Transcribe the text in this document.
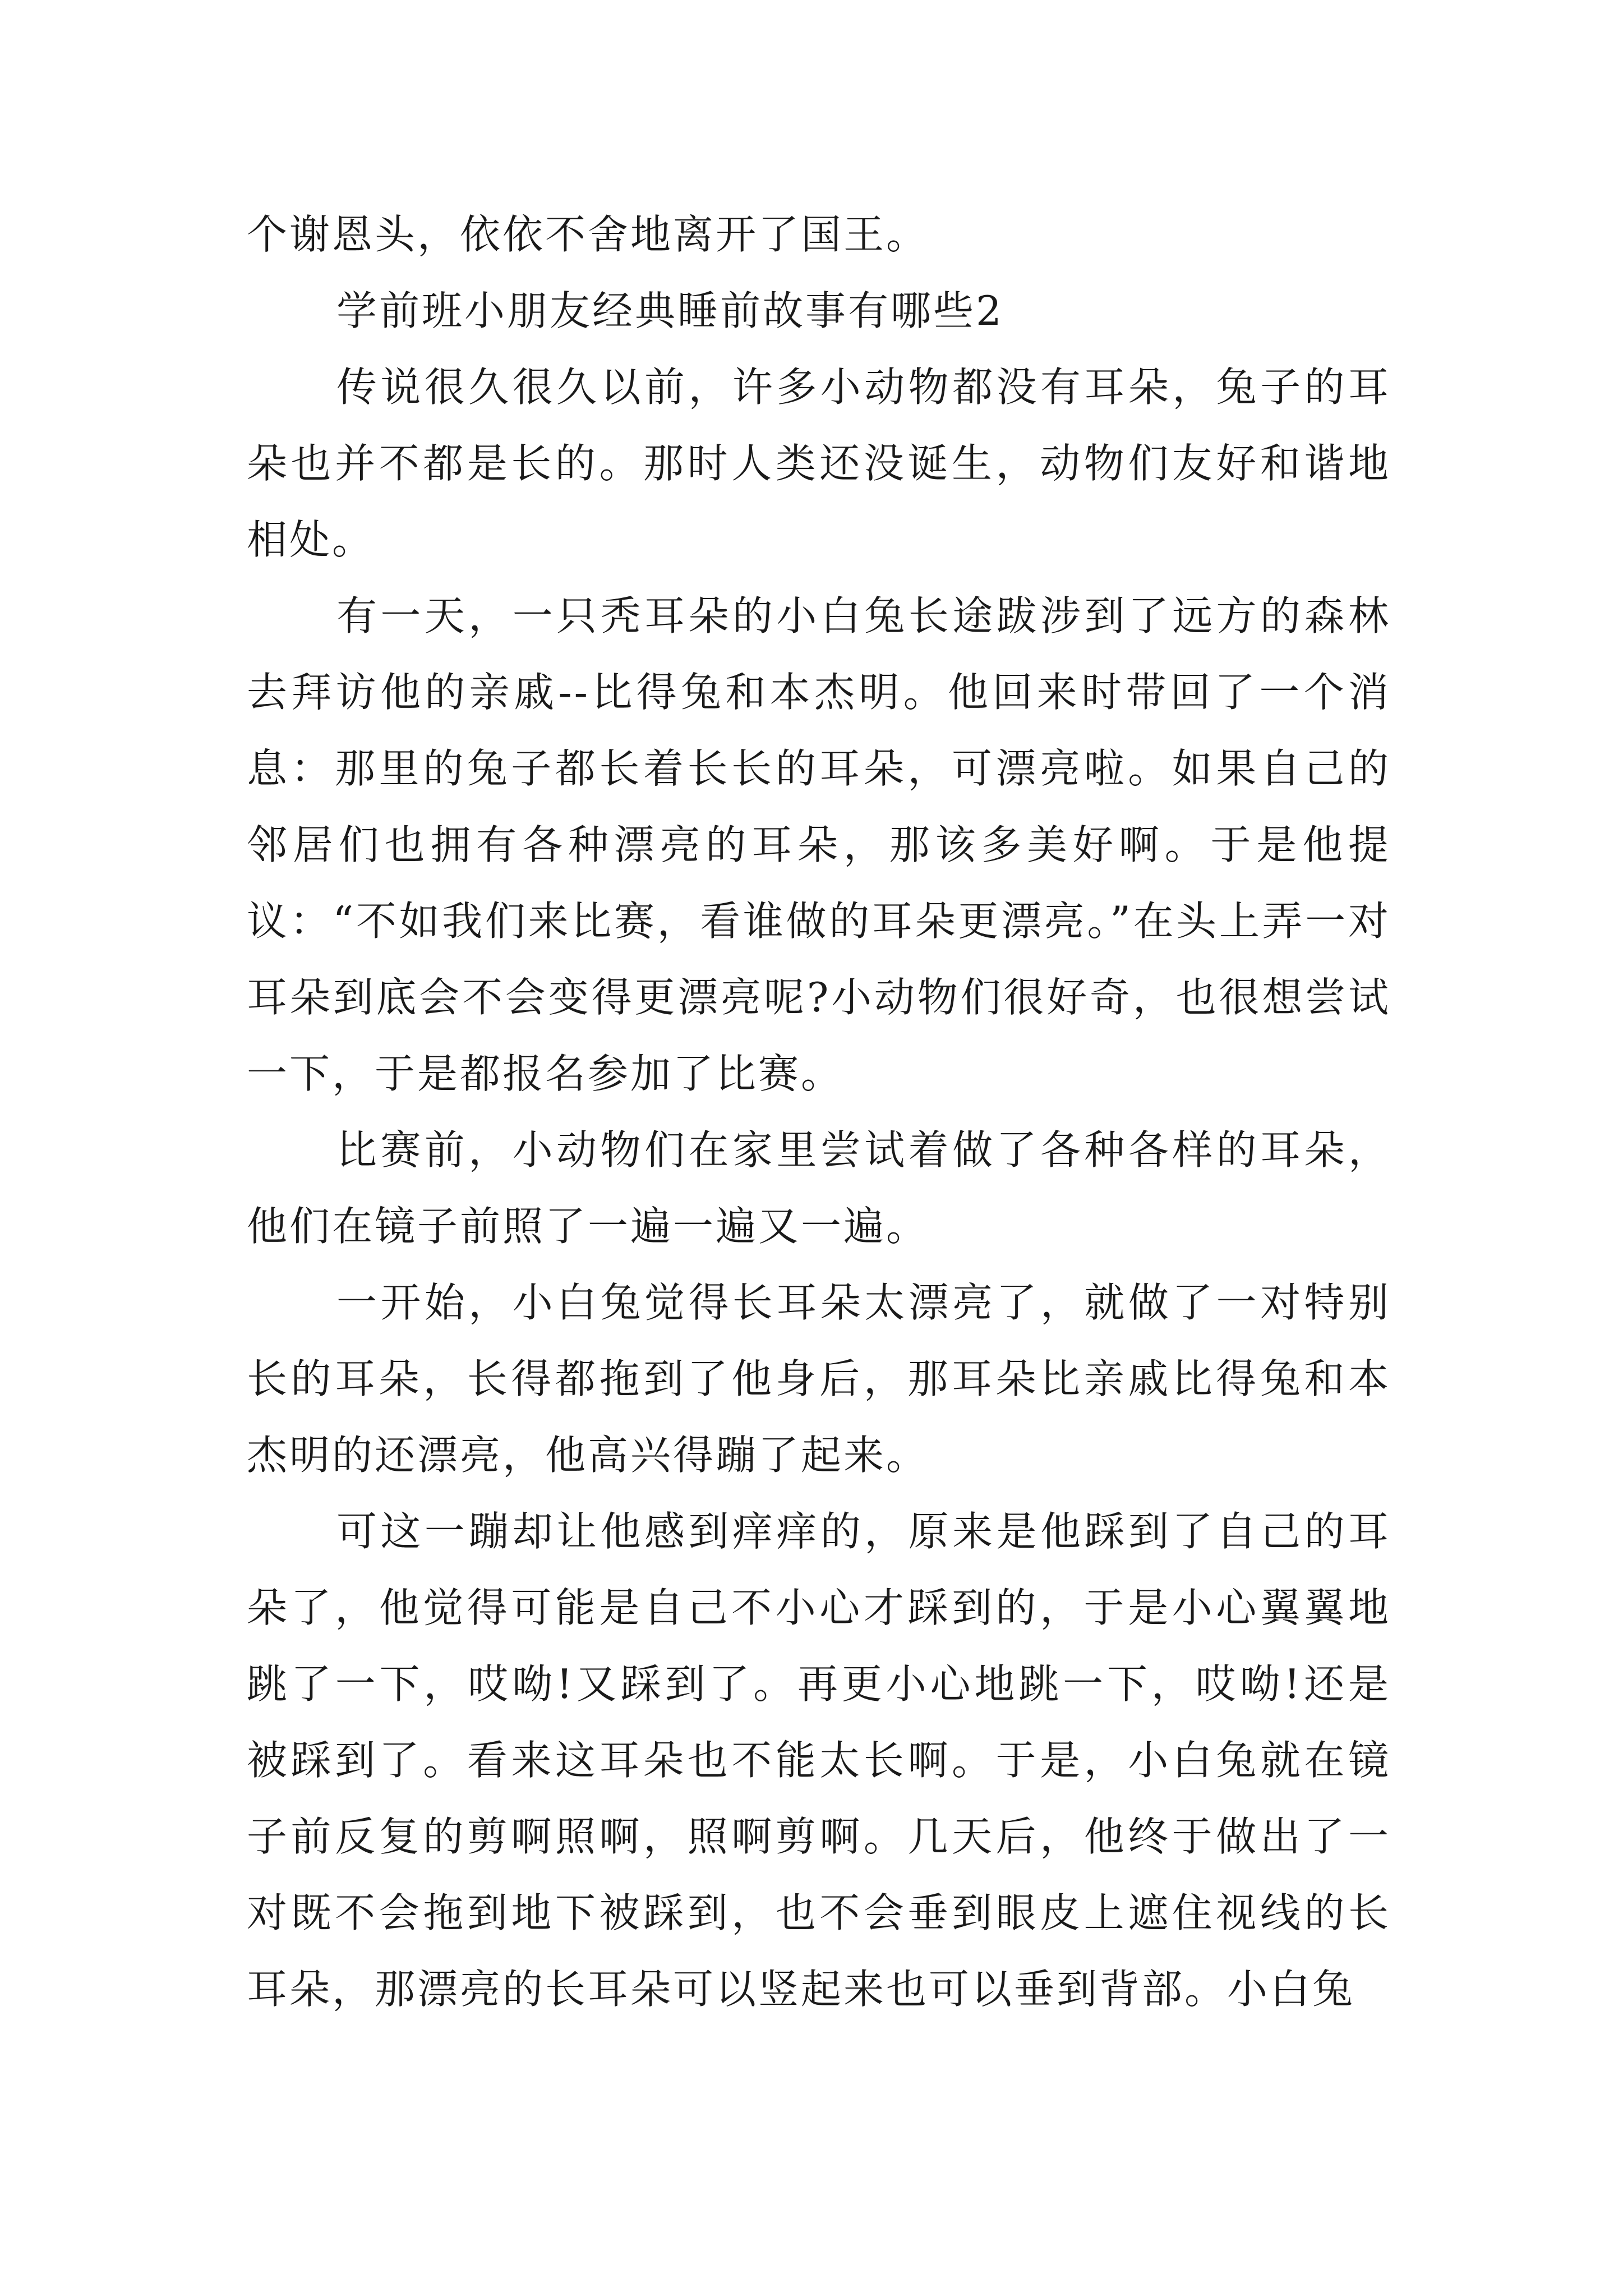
个谢恩头，依依不舍地离开了国王。

学前班小朋友经典睡前故事有哪些2

传说很久很久以前，许多小动物都没有耳朵，兔子的耳朵也并不都是长的。那时人类还没诞生，动物们友好和谐地相处。

有一天，一只秃耳朵的小白兔长途跋涉到了远方的森林去拜访他的亲戚--比得兔和本杰明。他回来时带回了一个消息：那里的兔子都长着长长的耳朵，可漂亮啦。如果自己的邻居们也拥有各种漂亮的耳朵，那该多美好啊。于是他提议：“不如我们来比赛，看谁做的耳朵更漂亮。”在头上弄一对耳朵到底会不会变得更漂亮呢?小动物们很好奇，也很想尝试一下，于是都报名参加了比赛。

比赛前，小动物们在家里尝试着做了各种各样的耳朵，他们在镜子前照了一遍一遍又一遍。

一开始，小白兔觉得长耳朵太漂亮了，就做了一对特别长的耳朵，长得都拖到了他身后，那耳朵比亲戚比得兔和本杰明的还漂亮，他高兴得蹦了起来。

可这一蹦却让他感到痒痒的，原来是他踩到了自己的耳朵了，他觉得可能是自己不小心才踩到的，于是小心翼翼地跳了一下，哎呦!又踩到了。再更小心地跳一下，哎呦!还是被踩到了。看来这耳朵也不能太长啊。于是，小白兔就在镜子前反复的剪啊照啊，照啊剪啊。几天后，他终于做出了一对既不会拖到地下被踩到，也不会垂到眼皮上遮住视线的长耳朵，那漂亮的长耳朵可以竖起来也可以垂到背部。小白兔
